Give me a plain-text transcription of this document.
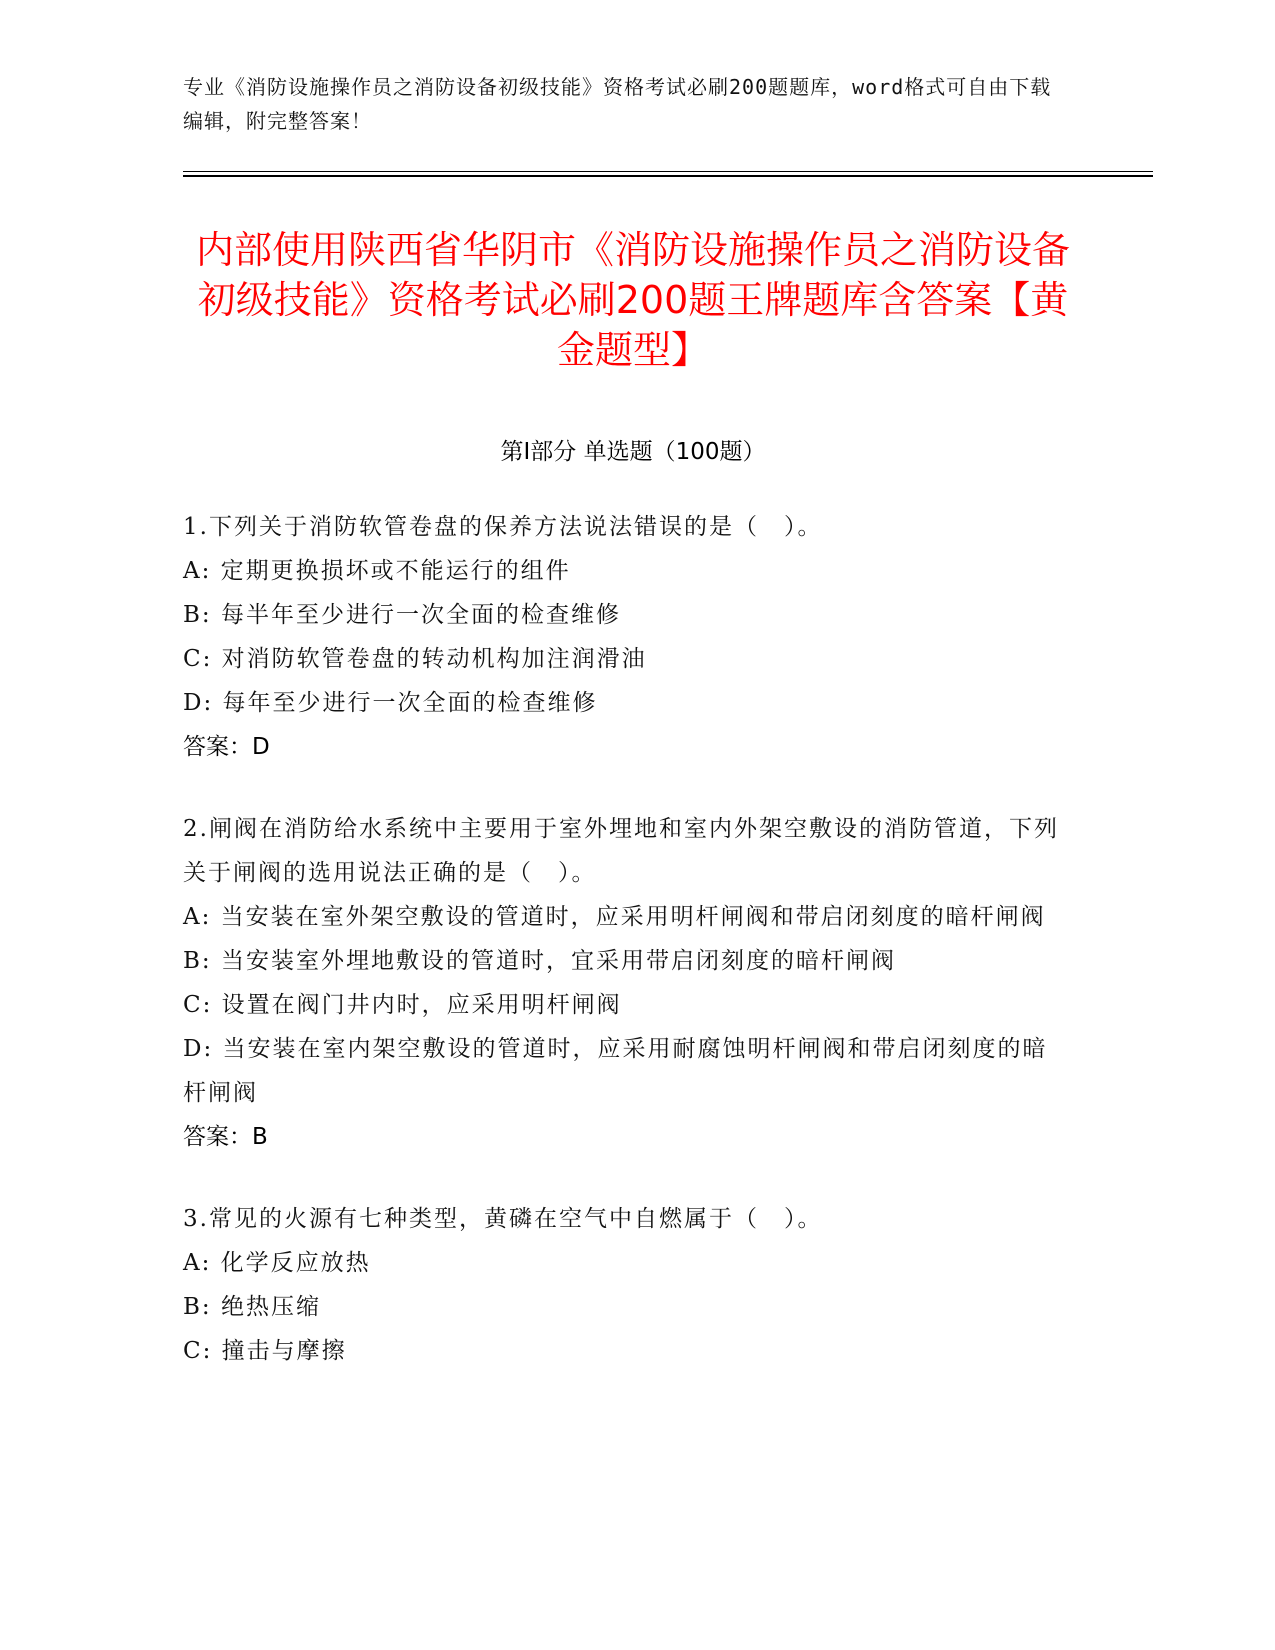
专业《消防设施操作员之消防设备初级技能》资格考试必刷200题题库，word格式可自由下载编辑，附完整答案！
内部使用陕西省华阴市《消防设施操作员之消防设备初级技能》资格考试必刷200题王牌题库含答案【黄金题型】
第Ⅰ部分 单选题（100题）
1.下列关于消防软管卷盘的保养方法说法错误的是（　）。
A: 定期更换损坏或不能运行的组件
B: 每半年至少进行一次全面的检查维修
C: 对消防软管卷盘的转动机构加注润滑油
D: 每年至少进行一次全面的检查维修
答案：D
2.闸阀在消防给水系统中主要用于室外埋地和室内外架空敷设的消防管道，下列关于闸阀的选用说法正确的是（　）。
A: 当安装在室外架空敷设的管道时，应采用明杆闸阀和带启闭刻度的暗杆闸阀
B: 当安装室外埋地敷设的管道时，宜采用带启闭刻度的暗杆闸阀
C: 设置在阀门井内时，应采用明杆闸阀
D: 当安装在室内架空敷设的管道时，应采用耐腐蚀明杆闸阀和带启闭刻度的暗杆闸阀
答案：B
3.常见的火源有七种类型，黄磷在空气中自燃属于（　）。
A: 化学反应放热
B: 绝热压缩
C: 撞击与摩擦
